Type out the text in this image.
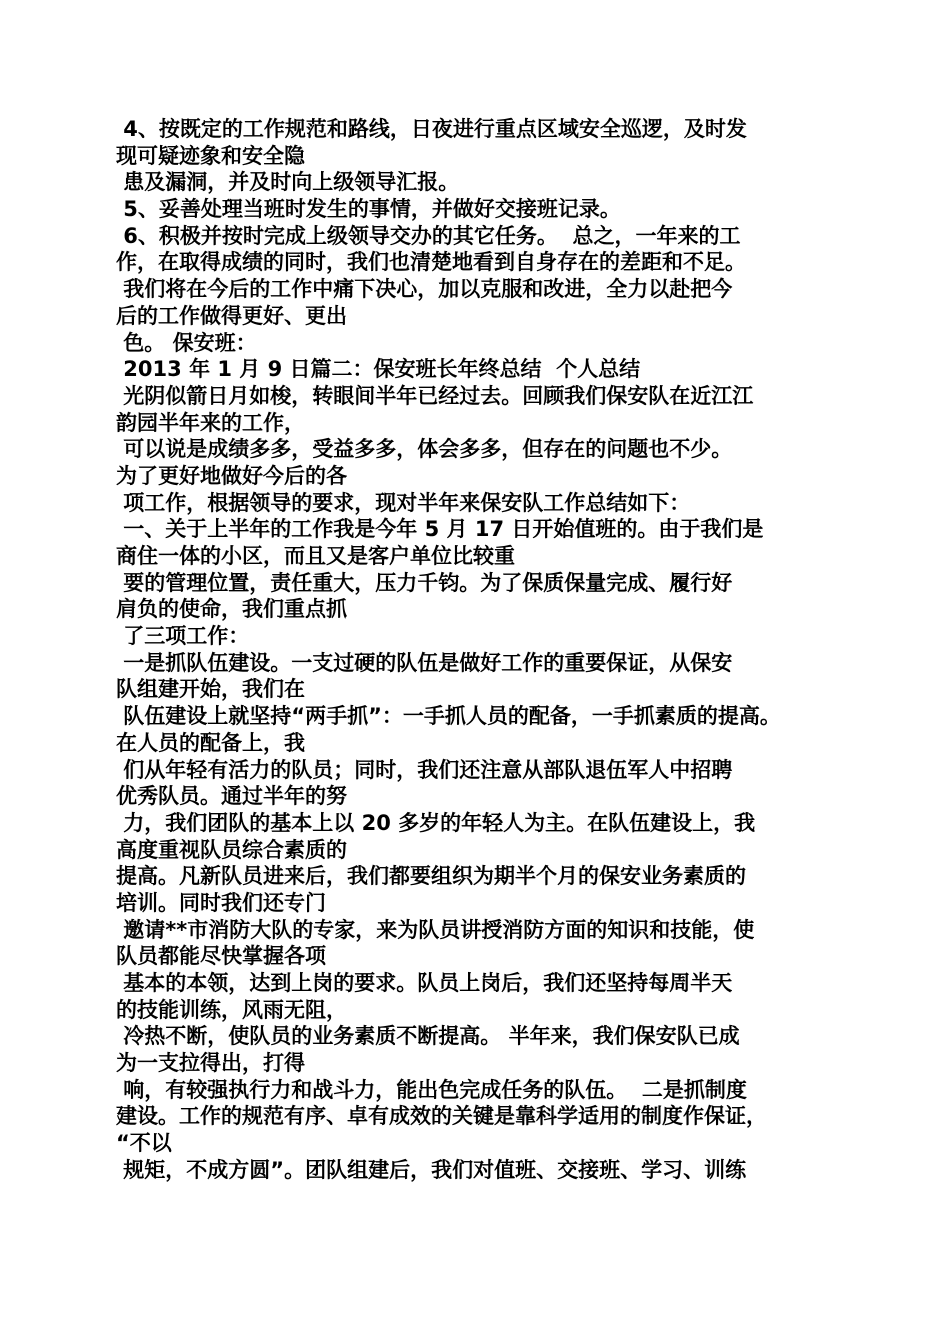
4、按既定的工作规范和路线，日夜进行重点区域安全巡逻，及时发
现可疑迹象和安全隐
患及漏洞，并及时向上级领导汇报。
5、妥善处理当班时发生的事情，并做好交接班记录。
6、积极并按时完成上级领导交办的其它任务。  总之，一年来的工
作，在取得成绩的同时，我们也清楚地看到自身存在的差距和不足。
我们将在今后的工作中痛下决心，加以克服和改进，全力以赴把今
后的工作做得更好、更出
色。 保安班：
2013 年 1 月 9 日篇二：保安班长年终总结  个人总结
光阴似箭日月如梭，转眼间半年已经过去。回顾我们保安队在近江江
韵园半年来的工作，
可以说是成绩多多，受益多多，体会多多，但存在的问题也不少。
为了更好地做好今后的各
项工作，根据领导的要求，现对半年来保安队工作总结如下：
一、关于上半年的工作我是今年 5 月 17 日开始值班的。由于我们是
商住一体的小区，而且又是客户单位比较重
要的管理位置，责任重大，压力千钧。为了保质保量完成、履行好
肩负的使命，我们重点抓
了三项工作：
一是抓队伍建设。一支过硬的队伍是做好工作的重要保证，从保安
队组建开始，我们在
队伍建设上就坚持“两手抓”：一手抓人员的配备，一手抓素质的提高。
在人员的配备上，我
们从年轻有活力的队员；同时，我们还注意从部队退伍军人中招聘
优秀队员。通过半年的努
力，我们团队的基本上以 20 多岁的年轻人为主。在队伍建设上，我
高度重视队员综合素质的
提高。凡新队员进来后，我们都要组织为期半个月的保安业务素质的
培训。同时我们还专门
邀请**市消防大队的专家，来为队员讲授消防方面的知识和技能，使
队员都能尽快掌握各项
基本的本领，达到上岗的要求。队员上岗后，我们还坚持每周半天
的技能训练，风雨无阻，
冷热不断，使队员的业务素质不断提高。 半年来，我们保安队已成
为一支拉得出，打得
响，有较强执行力和战斗力，能出色完成任务的队伍。  二是抓制度
建设。工作的规范有序、卓有成效的关键是靠科学适用的制度作保证，
“不以
规矩，不成方圆”。团队组建后，我们对值班、交接班、学习、训练
